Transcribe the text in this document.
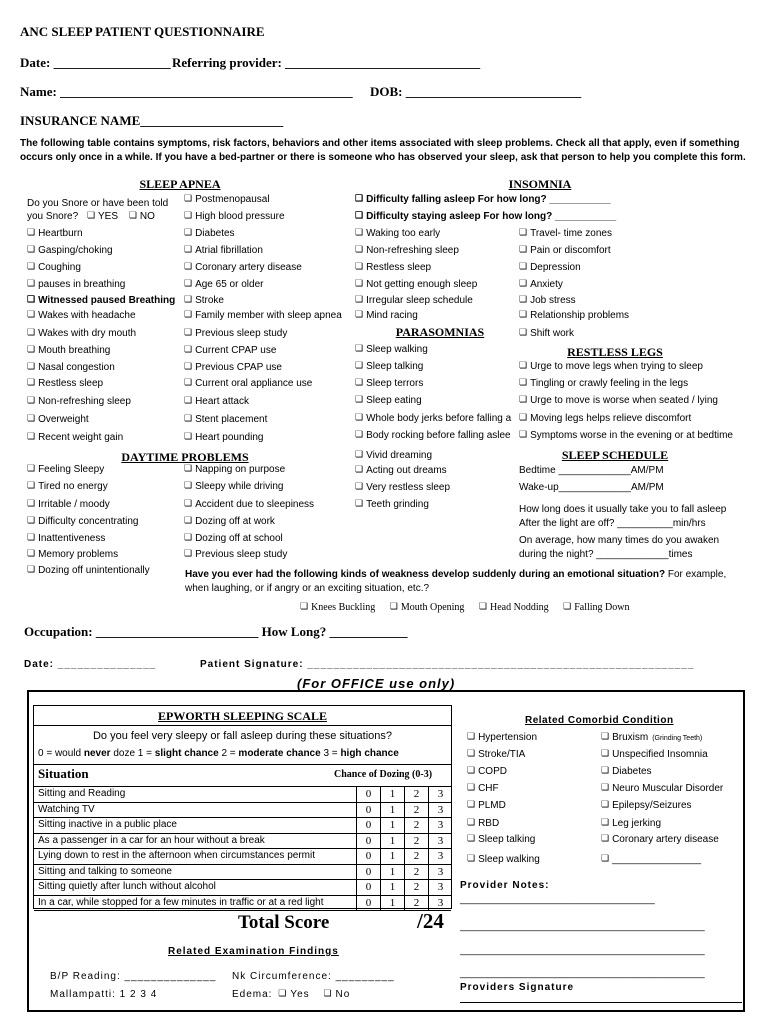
ANC SLEEP PATIENT QUESTIONNAIRE
Date: __________________ Referring provider: ______________________________
Name: _____________________________________________ DOB: ___________________________
INSURANCE NAME______________________
The following table contains symptoms, risk factors, behaviors and other items associated with sleep problems. Check all that apply, even if something
occurs only once in a while. If you have a bed-partner or there is someone who has observed your sleep, ask that person to help you complete this form.
SLEEP APNEA
Do you Snore or have been told
you Snore? ❏ YES ❏ NO
❏ Heartburn
❏ Gasping/choking
❏ Coughing
❏ pauses in breathing
❏ Witnessed paused Breathing
❏ Wakes with headache
❏ Wakes with dry mouth
❏ Mouth breathing
❏ Nasal congestion
❏ Restless sleep
❏ Non-refreshing sleep
❏ Overweight
❏ Recent weight gain
❏ Postmenopausal
❏ High blood pressure
❏ Diabetes
❏ Atrial fibrillation
❏ Coronary artery disease
❏ Age 65 or older
❏ Stroke
❏ Family member with sleep apnea
❏ Previous sleep study
❏ Current CPAP use
❏ Previous CPAP use
❏ Current oral appliance use
❏ Heart attack
❏ Stent placement
❏ Heart pounding
DAYTIME PROBLEMS
❏ Feeling Sleepy
❏ Tired no energy
❏ Irritable / moody
❏ Difficulty concentrating
❏ Inattentiveness
❏ Memory problems
❏ Dozing off unintentionally
❏ Napping on purpose
❏ Sleepy while driving
❏ Accident due to sleepiness
❏ Dozing off at work
❏ Dozing off at school
❏ Previous sleep study
INSOMNIA
❏ Difficulty falling asleep For how long? ___________
❏ Difficulty staying asleep For how long? ___________
❏ Waking too early
❏ Non-refreshing sleep
❏ Restless sleep
❏ Not getting enough sleep
❏ Irregular sleep schedule
❏ Mind racing
❏ Travel- time zones
❏ Pain or discomfort
❏ Depression
❏ Anxiety
❏ Job stress
❏ Relationship problems
❏ Shift work
PARASOMNIAS
❏ Sleep walking
❏ Sleep talking
❏ Sleep terrors
❏ Sleep eating
❏ Whole body jerks before falling a
❏ Body rocking before falling aslee
❏ Vivid dreaming
❏ Acting out dreams
❏ Very restless sleep
❏ Teeth grinding
RESTLESS LEGS
❏ Urge to move legs when trying to sleep
❏ Tingling or crawly feeling in the legs
❏ Urge to move is worse when seated / lying
❏ Moving legs helps relieve discomfort
❏ Symptoms worse in the evening or at bedtime
SLEEP SCHEDULE
Bedtime _____________AM/PM
Wake-up_____________AM/PM
How long does it usually take you to fall asleep
After the light are off? __________min/hrs
On average, how many times do you awaken
during the night? _____________times
Have you ever had the following kinds of weakness develop suddenly during an emotional situation? For example,
when laughing, or if angry or an exciting situation, etc.?
❏ Knees Buckling	❏ Mouth Opening	❏ Head Nodding	❏ Falling Down
Occupation: _________________________ How Long? ____________
Date: _______________	Patient Signature: ___________________________________________________________
(For OFFICE use only)
EPWORTH SLEEPING SCALE
Do you feel very sleepy or fall asleep during these situations?
0 = would never doze 1 = slight chance 2 = moderate chance 3 = high chance
Situation	Chance of Dozing (0-3)
Sitting and Reading	0	1	2	3
Watching TV	0	1	2	3
Sitting inactive in a public place	0	1	2	3
As a passenger in a car for an hour without a break	0	1	2	3
Lying down to rest in the afternoon when circumstances permit	0	1	2	3
Sitting and talking to someone	0	1	2	3
Sitting quietly after lunch without alcohol	0	1	2	3
In a car, while stopped for a few minutes in traffic or at a red light	0	1	2	3
Total Score	/24
Related Examination Findings
B/P Reading: ______________ Nk Circumference: _________
Mallampatti: 1 2 3 4	Edema: ❏ Yes	❏ No
Related Comorbid Condition
❏ Hypertension
❏ Stroke/TIA
❏ COPD
❏ CHF
❏ PLMD
❏ RBD
❏ Sleep talking
❏ Sleep walking
❏ Bruxism (Grinding Teeth)
❏ Unspecified Insomnia
❏ Diabetes
❏ Neuro Muscular Disorder
❏ Epilepsy/Seizures
❏ Leg jerking
❏ Coronary artery disease
❏ ________________
Provider Notes:
___________________________________
____________________________________________
____________________________________________
____________________________________________
Providers Signature
